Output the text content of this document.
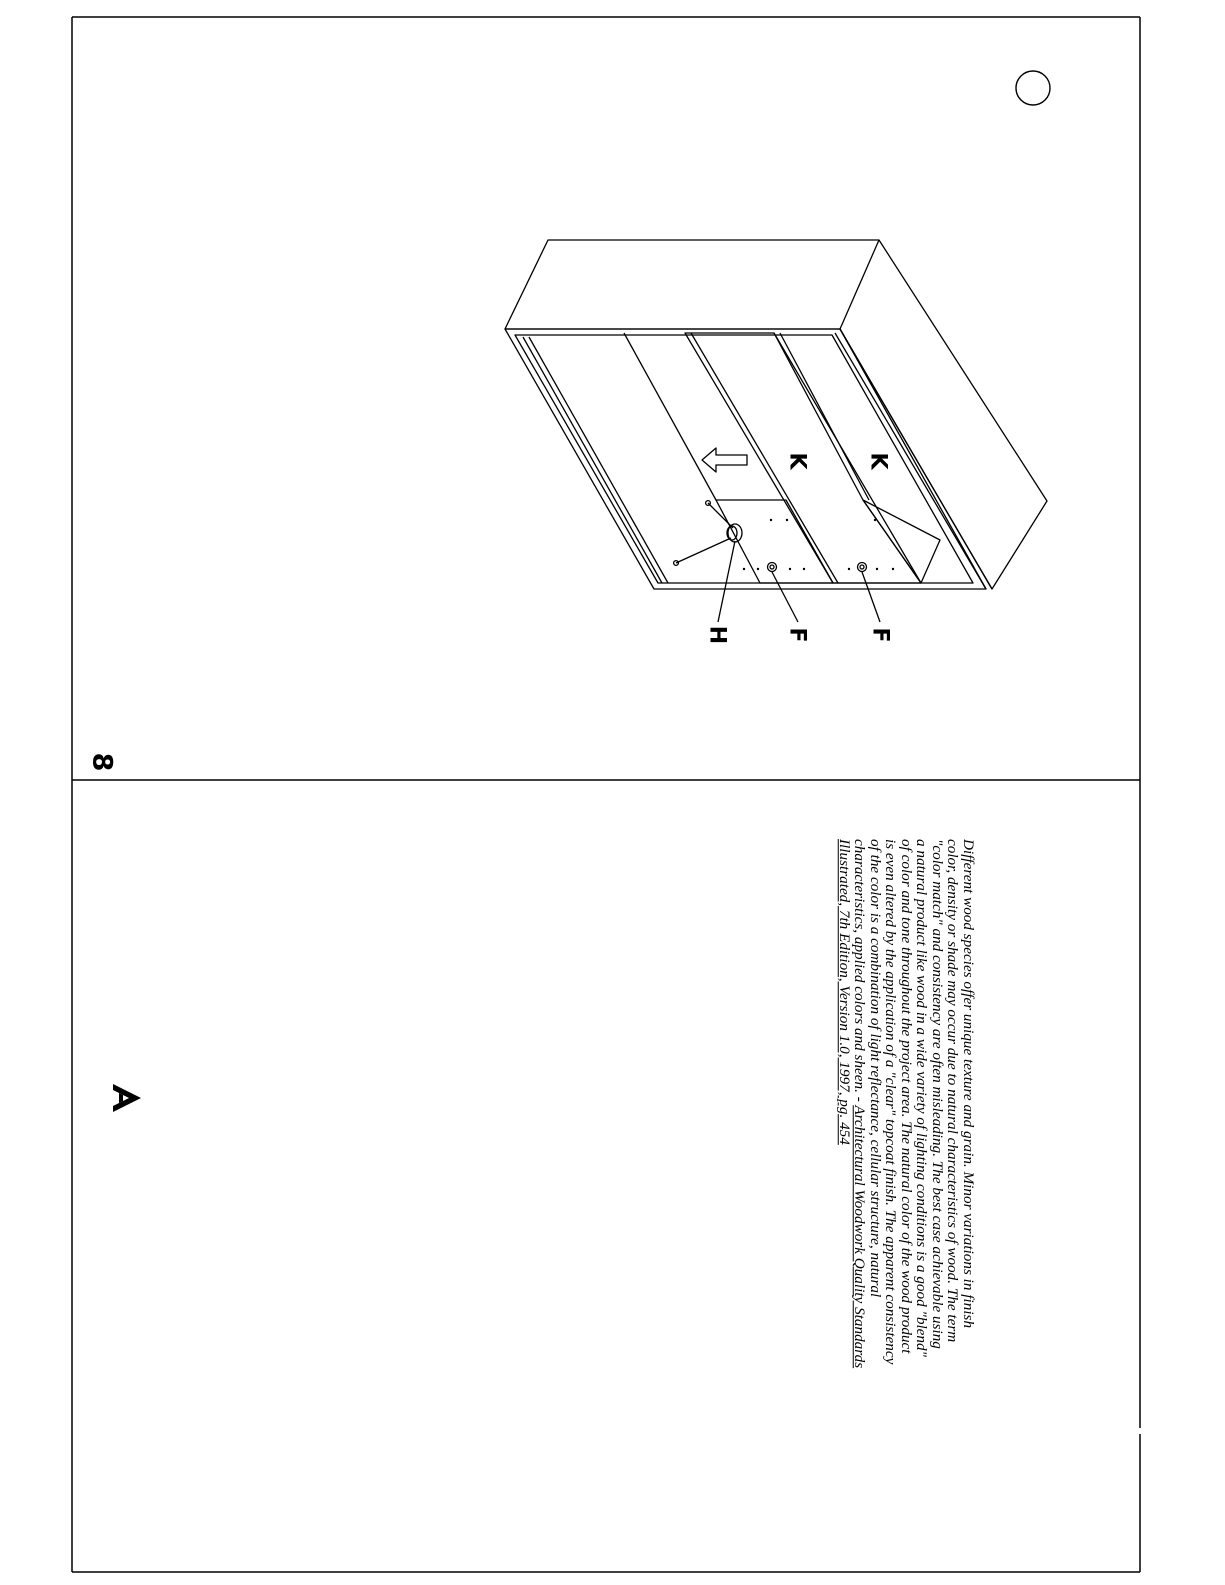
8
K	K
F	F
H

Different wood species offer unique texture and grain. Minor variations in finish

color, density or shade may occur due to natural characteristics of wood. The term

"color match" and consistency are often misleading. The best case achievable using

a natural product like wood in a wide variety of lighting conditions is a good "blend"

of color and tone throughout the project area. The natural color of the wood product

is even altered by the application of a "clear" topcoat finish. The apparent consistency

of the color is a combination of light reflectance, cellular structure, natural

characteristics, applied colors and sheen. - Architectural Woodwork Quality Standards

Illustrated, 7th Edition, Version 1.0, 1997, pg. 454
